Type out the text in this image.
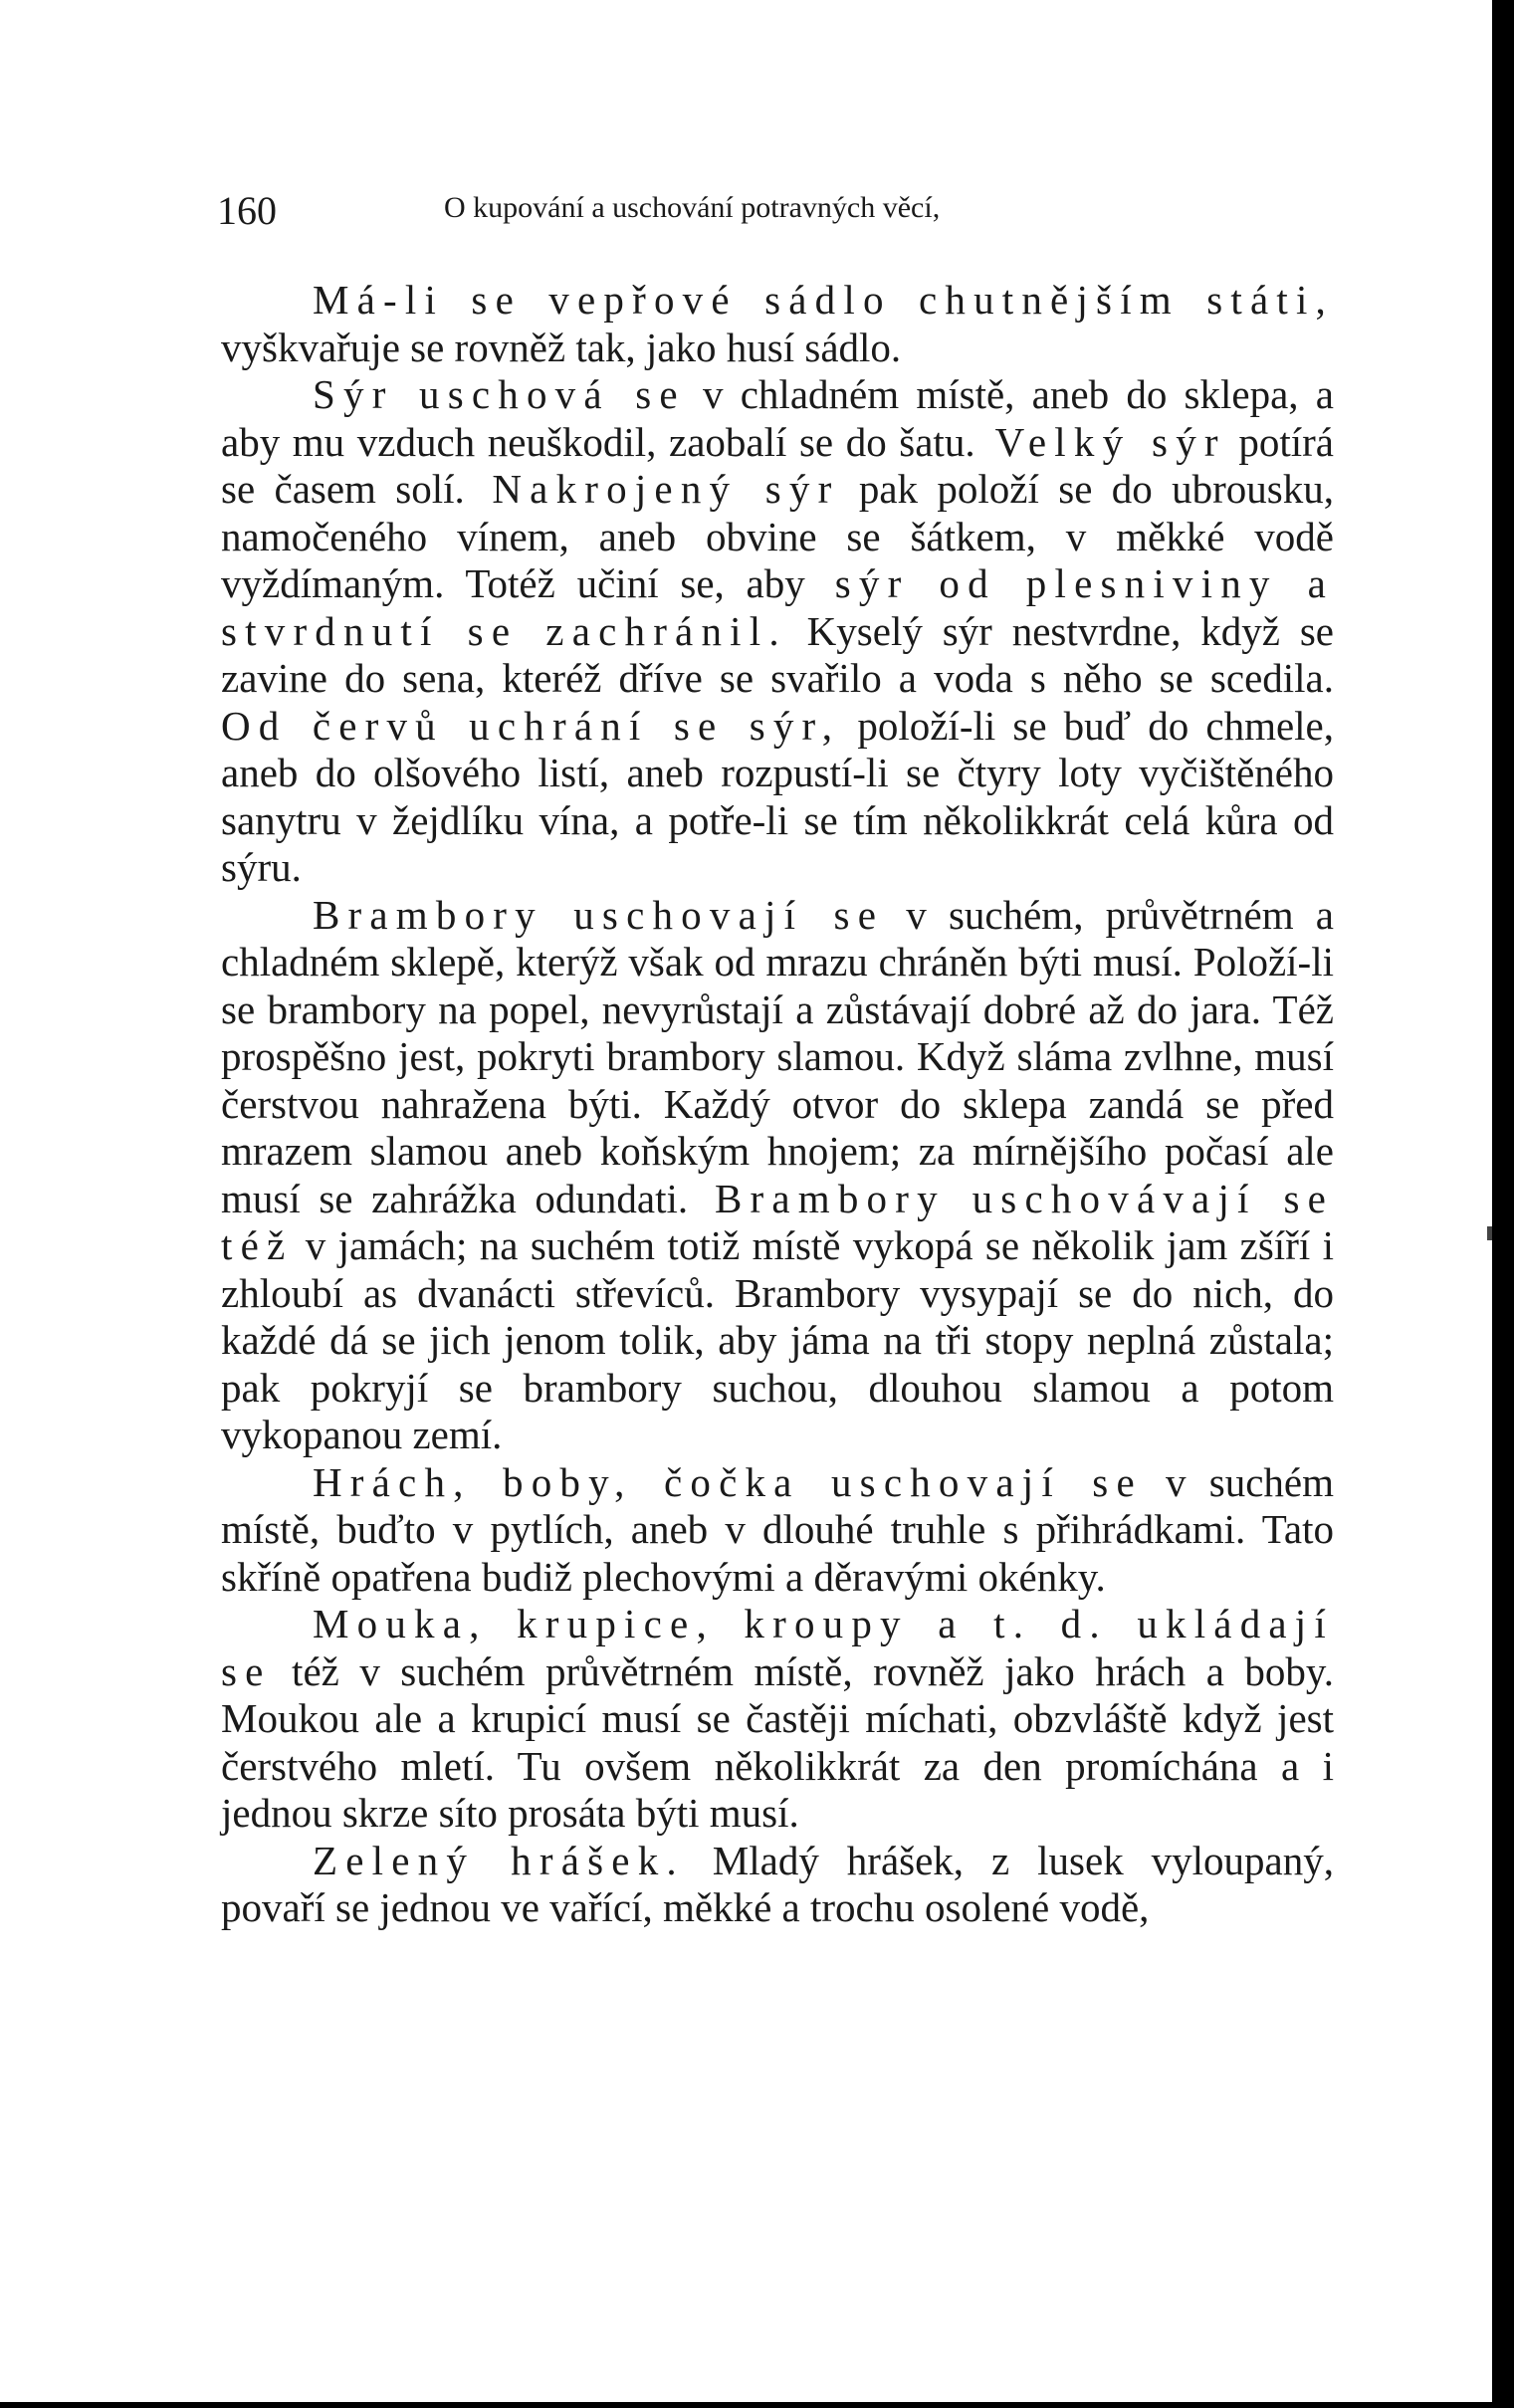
160	O kupování a uschování potravných věcí,

Má-li se vepřové sádlo chutnějším státi, vyškvařuje se rovněž tak, jako husí sádlo.

Sýr uschová se v chladném místě, aneb do sklepa, a aby mu vzduch neuškodil, zaobalí se do šatu. Velký sýr potírá se časem solí. Nakrojený sýr pak položí se do ubrousku, namočeného vínem, aneb obvine se šátkem, v měkké vodě vyždímaným. Totéž učiní se, aby sýr od plesniviny a stvrdnutí se zachránil. Kyselý sýr nestvrdne, když se zavine do sena, kteréž dříve se svařilo a voda s něho se scedila. Od červů uchrání se sýr, položí-li se buď do chmele, aneb do olšového listí, aneb rozpustí-li se čtyry loty vyčištěného sanytru v žejdlíku vína, a potře-li se tím několikkrát celá kůra od sýru.

Brambory uschovají se v suchém, průvětrném a chladném sklepě, kterýž však od mrazu chráněn býti musí. Položí-li se brambory na popel, nevyrůstají a zůstávají dobré až do jara. Též prospěšno jest, pokryti brambory slamou. Když sláma zvlhne, musí čerstvou nahražena býti. Každý otvor do sklepa zandá se před mrazem slamou aneb koňským hnojem; za mírnějšího počasí ale musí se zahrážka odundati. Brambory uschovávají se též v jamách; na suchém totiž místě vykopá se několik jam zšíří i zhloubí as dvanácti střevíců. Brambory vysypají se do nich, do každé dá se jich jenom tolik, aby jáma na tři stopy neplná zůstala; pak pokryjí se brambory suchou, dlouhou slamou a potom vykopanou zemí.

Hrách, boby, čočka uschovají se v suchém místě, buďto v pytlích, aneb v dlouhé truhle s přihrádkami. Tato skříně opatřena budiž plechovými a děravými okénky.

Mouka, krupice, kroupy a t. d. ukládají se též v suchém průvětrném místě, rovněž jako hrách a boby. Moukou ale a krupicí musí se častěji míchati, obzvláště když jest čerstvého mletí. Tu ovšem několikkrát za den promíchána a i jednou skrze síto prosáta býti musí.

Zelený hrášek. Mladý hrášek, z lusek vyloupaný, povaří se jednou ve vařící, měkké a trochu osolené vodě,
